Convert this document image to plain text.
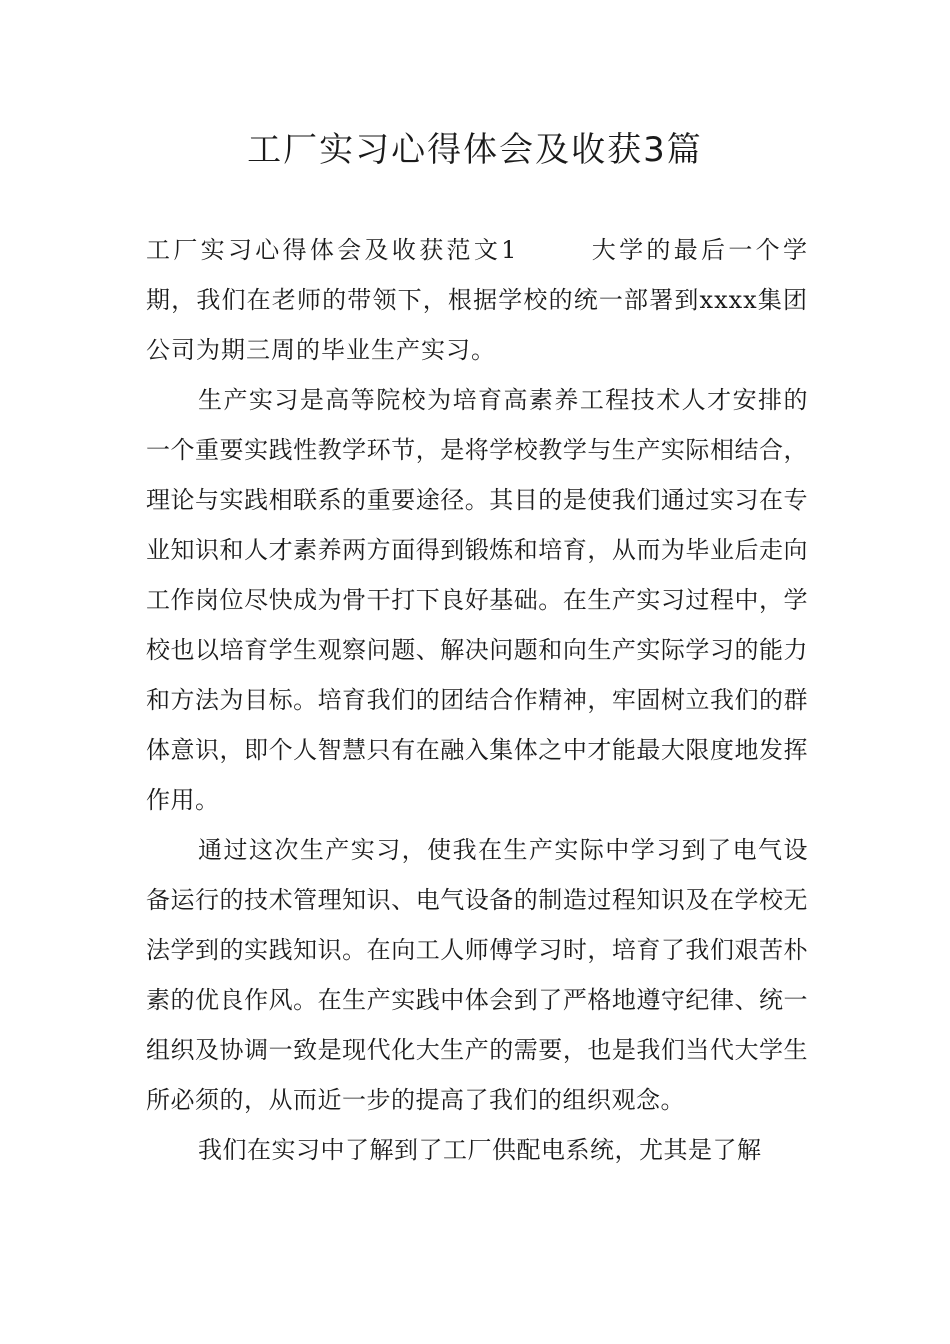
工厂实习心得体会及收获3篇

工厂实习心得体会及收获范文1	大学的最后一个学期，我们在老师的带领下，根据学校的统一部署到xxxx集团公司为期三周的毕业生产实习。

生产实习是高等院校为培育高素养工程技术人才安排的一个重要实践性教学环节，是将学校教学与生产实际相结合，理论与实践相联系的重要途径。其目的是使我们通过实习在专业知识和人才素养两方面得到锻炼和培育，从而为毕业后走向工作岗位尽快成为骨干打下良好基础。在生产实习过程中，学校也以培育学生观察问题、解决问题和向生产实际学习的能力和方法为目标。培育我们的团结合作精神，牢固树立我们的群体意识，即个人智慧只有在融入集体之中才能最大限度地发挥作用。

通过这次生产实习，使我在生产实际中学习到了电气设备运行的技术管理知识、电气设备的制造过程知识及在学校无法学到的实践知识。在向工人师傅学习时，培育了我们艰苦朴素的优良作风。在生产实践中体会到了严格地遵守纪律、统一组织及协调一致是现代化大生产的需要，也是我们当代大学生所必须的，从而近一步的提高了我们的组织观念。

我们在实习中了解到了工厂供配电系统，尤其是了解
